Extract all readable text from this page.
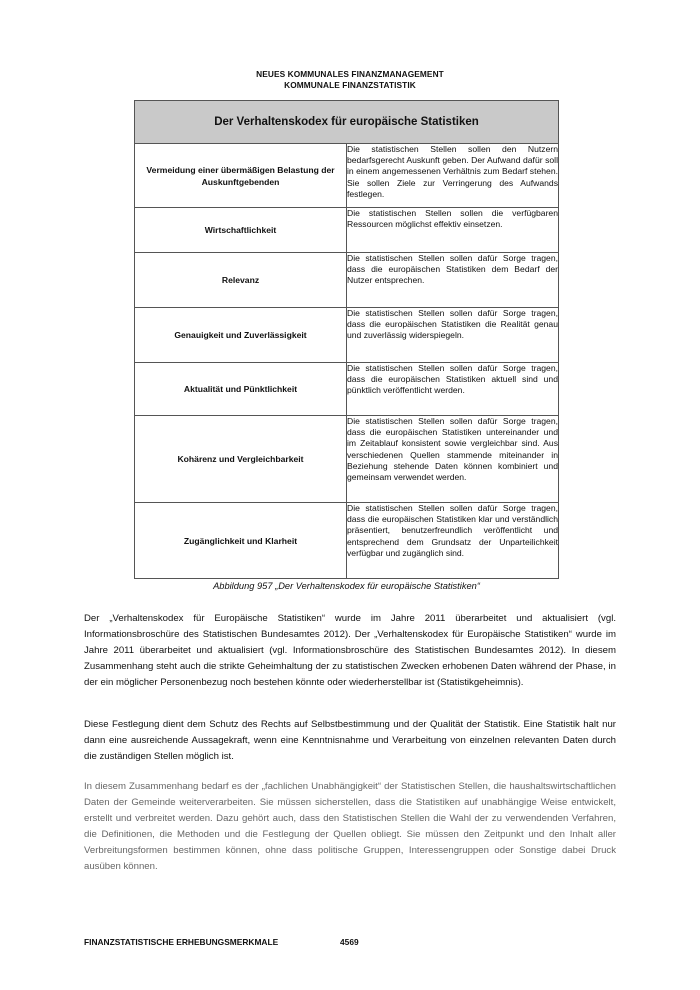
NEUES KOMMUNALES FINANZMANAGEMENT
KOMMUNALE FINANZSTATISTIK
Der Verhaltenskodex für europäische Statistiken	
Vermeidung einer übermäßigen Belastung der Auskunftgebenden	Die statistischen Stellen sollen den Nutzern bedarfsgerecht Auskunft geben. Der Aufwand dafür soll in einem angemessenen Verhältnis zum Bedarf stehen. Sie sollen Ziele zur Verringerung des Aufwands festlegen.
Wirtschaftlichkeit	Die statistischen Stellen sollen die verfügbaren Ressourcen möglichst effektiv einsetzen.
Relevanz	Die statistischen Stellen sollen dafür Sorge tragen, dass die europäischen Statistiken dem Bedarf der Nutzer entsprechen.
Genauigkeit und Zuverlässigkeit	Die statistischen Stellen sollen dafür Sorge tragen, dass die europäischen Statistiken die Realität genau und zuverlässig widerspiegeln.
Aktualität und Pünktlichkeit	Die statistischen Stellen sollen dafür Sorge tragen, dass die europäischen Statistiken aktuell sind und pünktlich veröffentlicht werden.
Kohärenz und Vergleichbarkeit	Die statistischen Stellen sollen dafür Sorge tragen, dass die europäischen Statistiken untereinander und im Zeitablauf konsistent sowie vergleichbar sind. Aus verschiedenen Quellen stammende miteinander in Beziehung stehende Daten können kombiniert und gemeinsam verwendet werden.
Zugänglichkeit und Klarheit	Die statistischen Stellen sollen dafür Sorge tragen, dass die europäischen Statistiken klar und verständlich präsentiert, benutzerfreundlich veröffentlicht und entsprechend dem Grundsatz der Unparteilichkeit verfügbar und zugänglich sind.
Abbildung 957 „Der Verhaltenskodex für europäische Statistiken“

Der „Verhaltenskodex für Europäische Statistiken“ wurde im Jahre 2011 überarbeitet und aktualisiert (vgl. Informationsbroschüre des Statistischen Bundesamtes 2012). Der „Verhaltenskodex für Europäische Statistiken“ wurde im Jahre 2011 überarbeitet und aktualisiert (vgl. Informationsbroschüre des Statistischen Bundesamtes 2012). In diesem Zusammenhang steht auch die strikte Geheimhaltung der zu statistischen Zwecken erhobenen Daten während der Phase, in der ein möglicher Personenbezug noch bestehen könnte oder wiederherstellbar ist (Statistikgeheimnis).

Diese Festlegung dient dem Schutz des Rechts auf Selbstbestimmung und der Qualität der Statistik. Eine Statistik halt nur dann eine ausreichende Aussagekraft, wenn eine Kenntnisnahme und Verarbeitung von einzelnen relevanten Daten durch die zuständigen Stellen möglich ist.

In diesem Zusammenhang bedarf es der „fachlichen Unabhängigkeit“ der Statistischen Stellen, die haushaltswirtschaftlichen Daten der Gemeinde weiterverarbeiten. Sie müssen sicherstellen, dass die Statistiken auf unabhängige Weise entwickelt, erstellt und verbreitet werden. Dazu gehört auch, dass den Statistischen Stellen die Wahl der zu verwendenden Verfahren, die Definitionen, die Methoden und die Festlegung der Quellen obliegt. Sie müssen den Zeitpunkt und den Inhalt aller Verbreitungsformen bestimmen können, ohne dass politische Gruppen, Interessengruppen oder Sonstige dabei Druck ausüben können.

FINANZSTATISTISCHE ERHEBUNGSMERKMALE	4569
